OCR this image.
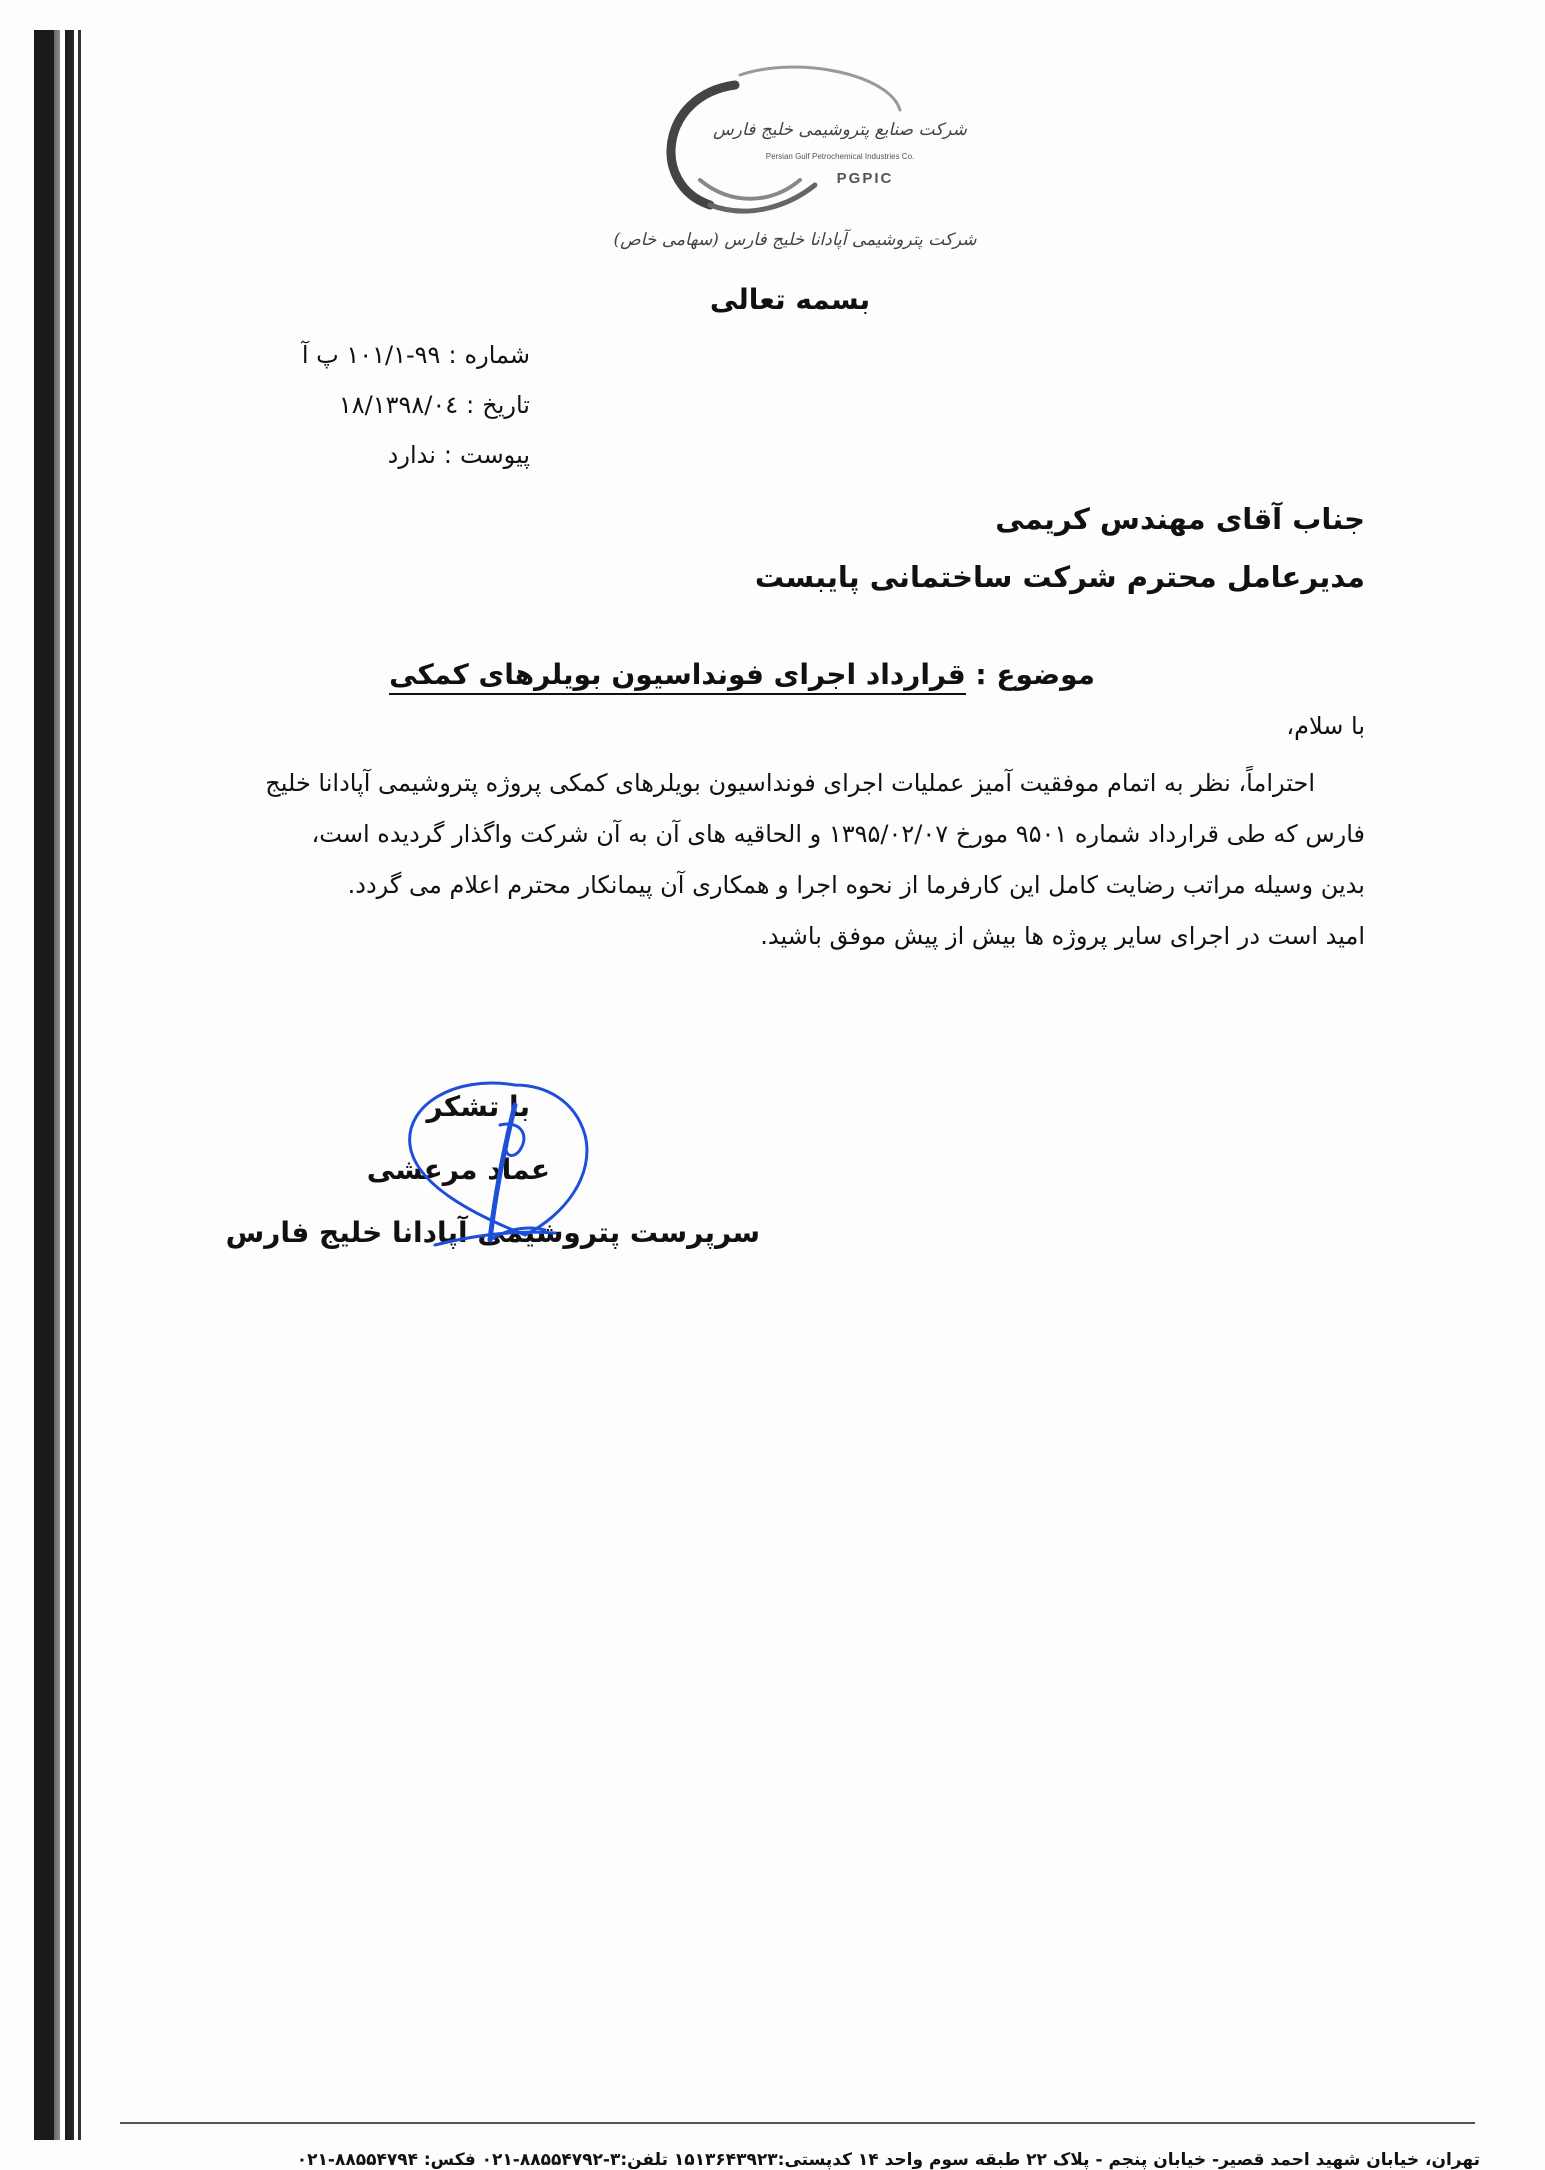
شرکت صنایع پتروشیمی خلیج فارس
Persian Gulf Petrochemical Industries Co.
PGPIC
شرکت پتروشیمی آپادانا خلیج فارس (سهامی خاص)
بسمه تعالی
شماره:۱۰۱/۱-۹۹ پ آ
تاریخ:۱۳۹۸/۰٤/۱۸
پیوست:ندارد
جناب آقای مهندس کریمی
مدیرعامل محترم شرکت ساختمانی پایبست
موضوع : قرارداد اجرای فونداسیون بویلرهای کمکی
با سلام،
احتراماً، نظر به اتمام موفقیت آمیز عملیات اجرای فونداسیون بویلرهای کمکی پروژه پتروشیمی آپادانا خلیج
فارس که طی قرارداد شماره ۹۵۰۱ مورخ ۱۳۹۵/۰۲/۰۷ و الحاقیه های آن به آن شرکت واگذار گردیده است،
بدین وسیله مراتب رضایت کامل این کارفرما از نحوه اجرا و همکاری آن پیمانکار محترم اعلام می گردد.
امید است در اجرای سایر پروژه ها بیش از پیش موفق باشید.
با تشکر
عماد مرعشی
سرپرست پتروشیمی آپادانا خلیج فارس
تهران، خیابان شهید احمد قصیر- خیابان پنجم - پلاک ۲۲ طبقه سوم واحد ۱۴ کدپستی:۱۵۱۳۶۴۳۹۲۳ تلفن:۳-۸۸۵۵۴۷۹۲-۰۲۱ فکس: ۸۸۵۵۴۷۹۴-۰۲۱
